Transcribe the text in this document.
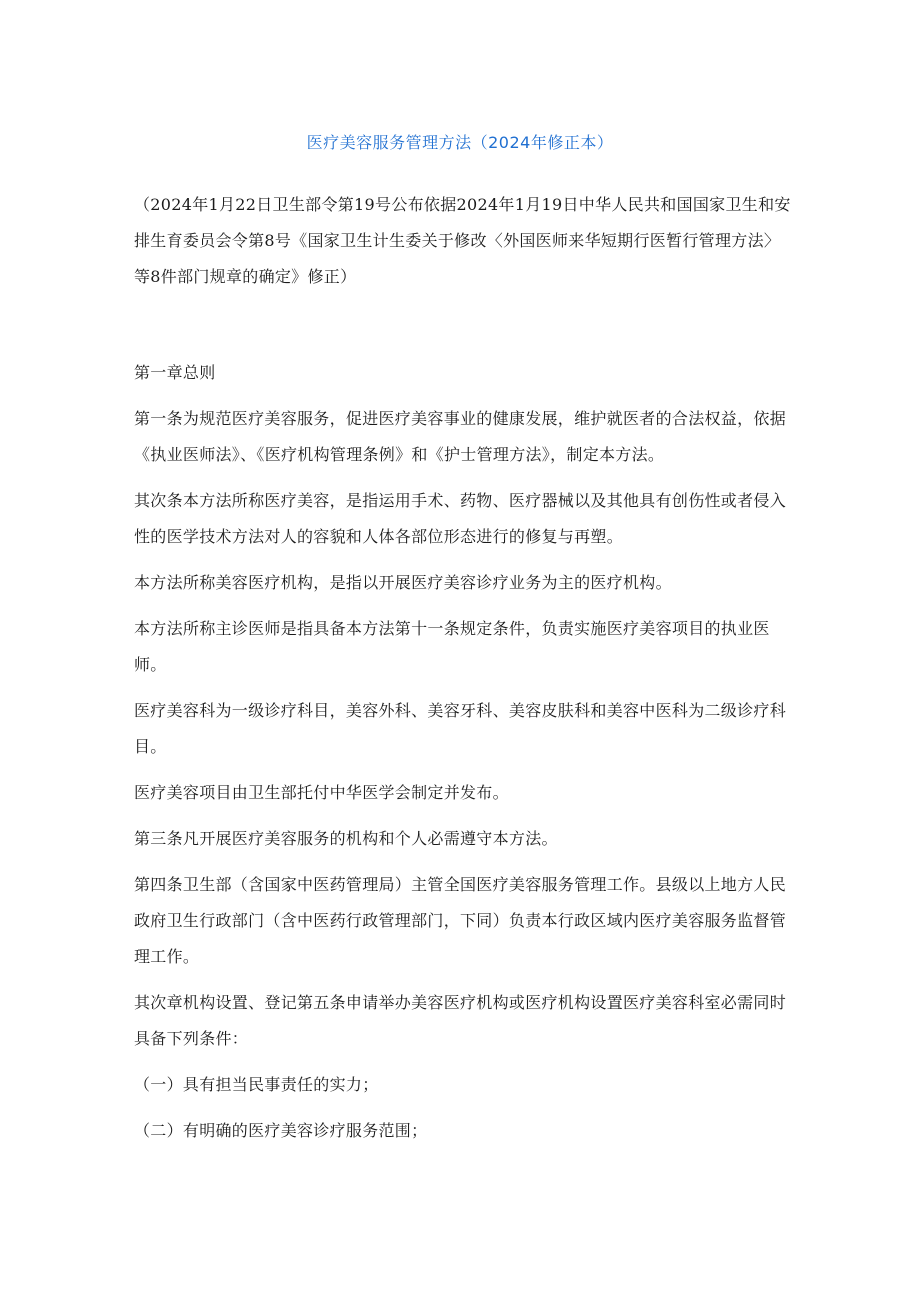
医疗美容服务管理方法（2024年修正本）
（2024年1月22日卫生部令第19号公布依据2024年1月19日中华人民共和国国家卫生和安排生育委员会令第8号《国家卫生计生委关于修改〈外国医师来华短期行医暂行管理方法〉等8件部门规章的确定》修正）

第一章总则

第一条为规范医疗美容服务，促进医疗美容事业的健康发展，维护就医者的合法权益，依据《执业医师法》、《医疗机构管理条例》和《护士管理方法》，制定本方法。

其次条本方法所称医疗美容，是指运用手术、药物、医疗器械以及其他具有创伤性或者侵入性的医学技术方法对人的容貌和人体各部位形态进行的修复与再塑。

本方法所称美容医疗机构，是指以开展医疗美容诊疗业务为主的医疗机构。

本方法所称主诊医师是指具备本方法第十一条规定条件，负责实施医疗美容项目的执业医师。

医疗美容科为一级诊疗科目，美容外科、美容牙科、美容皮肤科和美容中医科为二级诊疗科目。

医疗美容项目由卫生部托付中华医学会制定并发布。

第三条凡开展医疗美容服务的机构和个人必需遵守本方法。

第四条卫生部（含国家中医药管理局）主管全国医疗美容服务管理工作。县级以上地方人民政府卫生行政部门（含中医药行政管理部门，下同）负责本行政区域内医疗美容服务监督管理工作。

其次章机构设置、登记第五条申请举办美容医疗机构或医疗机构设置医疗美容科室必需同时具备下列条件：

（一）具有担当民事责任的实力；

（二）有明确的医疗美容诊疗服务范围；
